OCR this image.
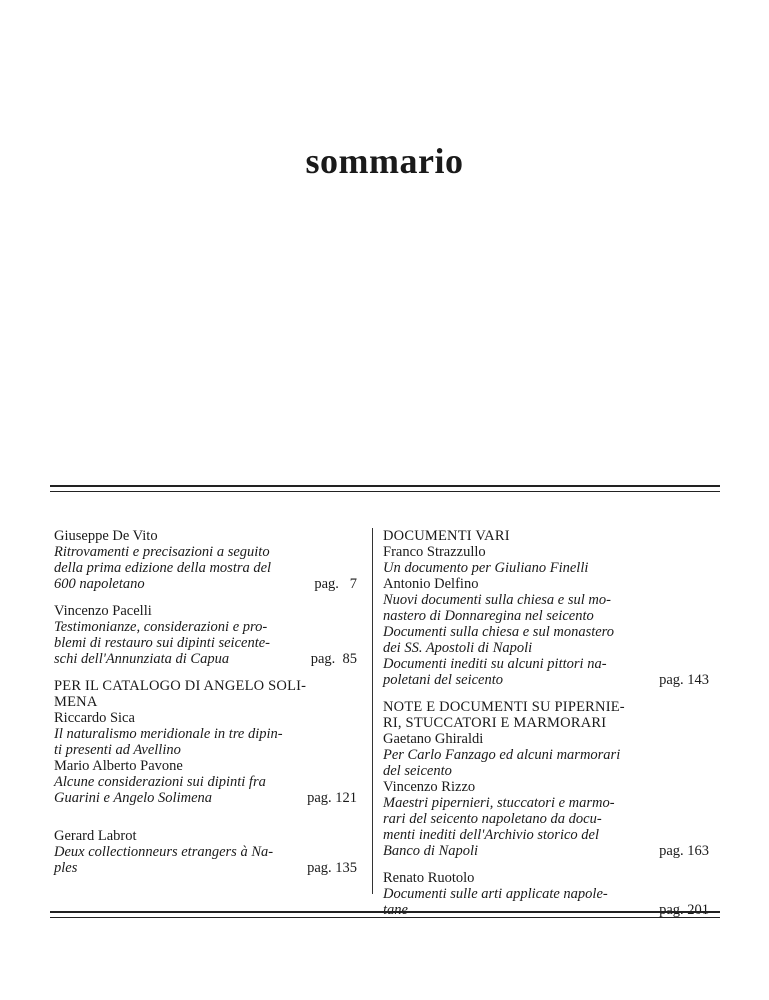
sommario
Giuseppe De Vito
Ritrovamenti e precisazioni a seguito
della prima edizione della mostra del
600 napoletano	pag.   7
Vincenzo Pacelli
Testimonianze, considerazioni e pro-
blemi di restauro sui dipinti seicente-
schi dell'Annunziata di Capua	pag.  85
PER IL CATALOGO DI ANGELO SOLI-
MENA
Riccardo Sica
Il naturalismo meridionale in tre dipin-
ti presenti ad Avellino
Mario Alberto Pavone
Alcune considerazioni sui dipinti fra
Guarini e Angelo Solimena	pag. 121
Gerard Labrot
Deux collectionneurs etrangers à Na-
ples	pag. 135
DOCUMENTI VARI
Franco Strazzullo
Un documento per Giuliano Finelli
Antonio Delfino
Nuovi documenti sulla chiesa e sul mo-
nastero di Donnaregina nel seicento
Documenti sulla chiesa e sul monastero
dei SS. Apostoli di Napoli
Documenti inediti su alcuni pittori na-
poletani del seicento	pag. 143
NOTE E DOCUMENTI SU PIPERNIE-
RI, STUCCATORI E MARMORARI
Gaetano Ghiraldi
Per Carlo Fanzago ed alcuni marmorari
del seicento
Vincenzo Rizzo
Maestri pipernieri, stuccatori e marmo-
rari del seicento napoletano da docu-
menti inediti dell'Archivio storico del
Banco di Napoli	pag. 163
Renato Ruotolo
Documenti sulle arti applicate napole-
tane	pag. 201
